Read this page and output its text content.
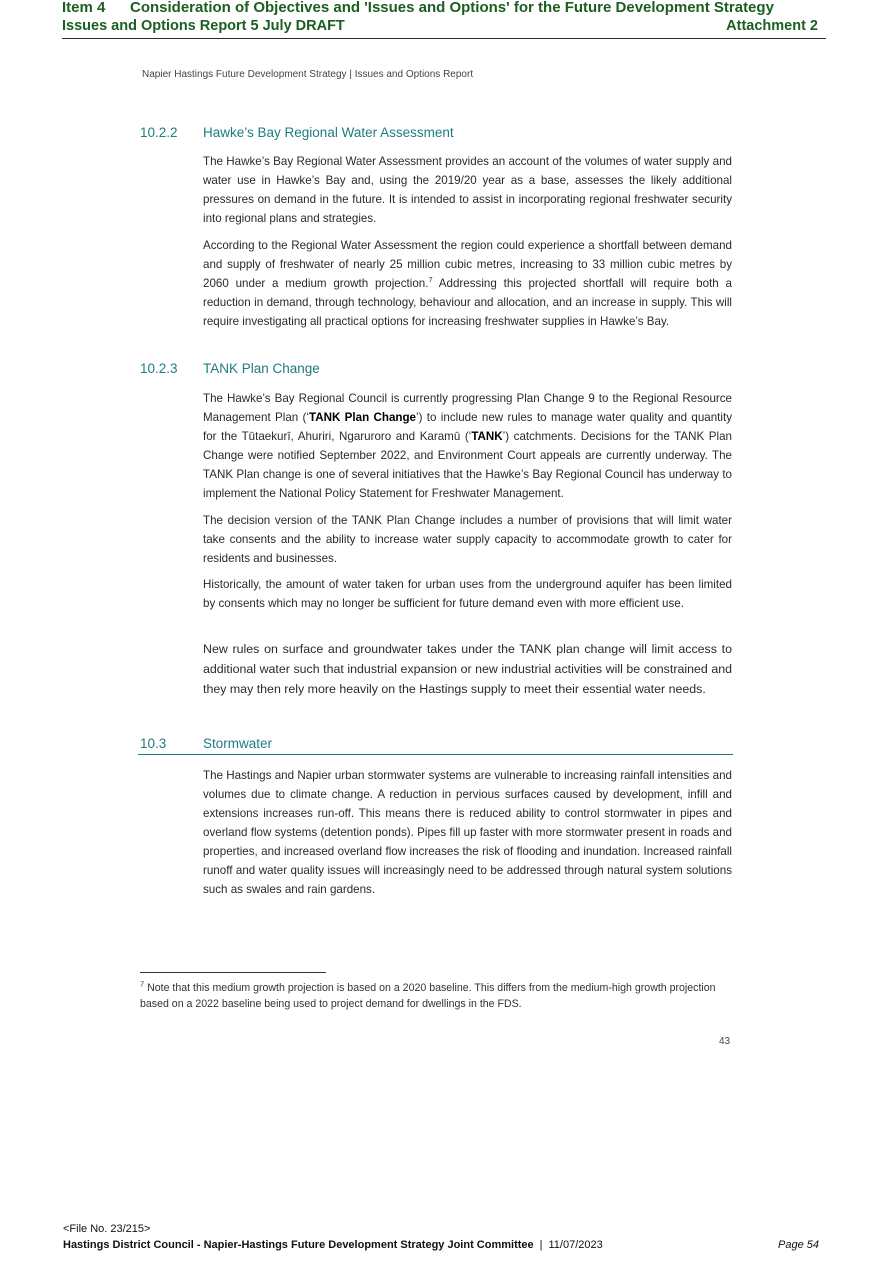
Item 4 Consideration of Objectives and 'Issues and Options' for the Future Development Strategy
Issues and Options Report 5 July DRAFT	Attachment 2
Napier Hastings Future Development Strategy | Issues and Options Report
10.2.2 Hawke’s Bay Regional Water Assessment
The Hawke’s Bay Regional Water Assessment provides an account of the volumes of water supply and water use in Hawke’s Bay and, using the 2019/20 year as a base, assesses the likely additional pressures on demand in the future. It is intended to assist in incorporating regional freshwater security into regional plans and strategies.
According to the Regional Water Assessment the region could experience a shortfall between demand and supply of freshwater of nearly 25 million cubic metres, increasing to 33 million cubic metres by 2060 under a medium growth projection.$^7$ Addressing this projected shortfall will require both a reduction in demand, through technology, behaviour and allocation, and an increase in supply. This will require investigating all practical options for increasing freshwater supplies in Hawke’s Bay.
10.2.3 TANK Plan Change
The Hawke’s Bay Regional Council is currently progressing Plan Change 9 to the Regional Resource Management Plan (‘TANK Plan Change’) to include new rules to manage water quality and quantity for the Tūtaekurī, Ahuriri, Ngaruroro and Karamū (‘TANK’) catchments. Decisions for the TANK Plan Change were notified September 2022, and Environment Court appeals are currently underway. The TANK Plan change is one of several initiatives that the Hawke’s Bay Regional Council has underway to implement the National Policy Statement for Freshwater Management.
The decision version of the TANK Plan Change includes a number of provisions that will limit water take consents and the ability to increase water supply capacity to accommodate growth to cater for residents and businesses.
Historically, the amount of water taken for urban uses from the underground aquifer has been limited by consents which may no longer be sufficient for future demand even with more efficient use.
New rules on surface and groundwater takes under the TANK plan change will limit access to additional water such that industrial expansion or new industrial activities will be constrained and they may then rely more heavily on the Hastings supply to meet their essential water needs.
10.3	Stormwater
The Hastings and Napier urban stormwater systems are vulnerable to increasing rainfall intensities and volumes due to climate change. A reduction in pervious surfaces caused by development, infill and extensions increases run-off. This means there is reduced ability to control stormwater in pipes and overland flow systems (detention ponds). Pipes fill up faster with more stormwater present in roads and properties, and increased overland flow increases the risk of flooding and inundation. Increased rainfall runoff and water quality issues will increasingly need to be addressed through natural system solutions such as swales and rain gardens.
$^7$ Note that this medium growth projection is based on a 2020 baseline. This differs from the medium-high growth projection based on a 2022 baseline being used to project demand for dwellings in the FDS.
43
<File No. 23/215>
Hastings District Council - Napier-Hastings Future Development Strategy Joint Committee | 11/07/2023	Page 54
